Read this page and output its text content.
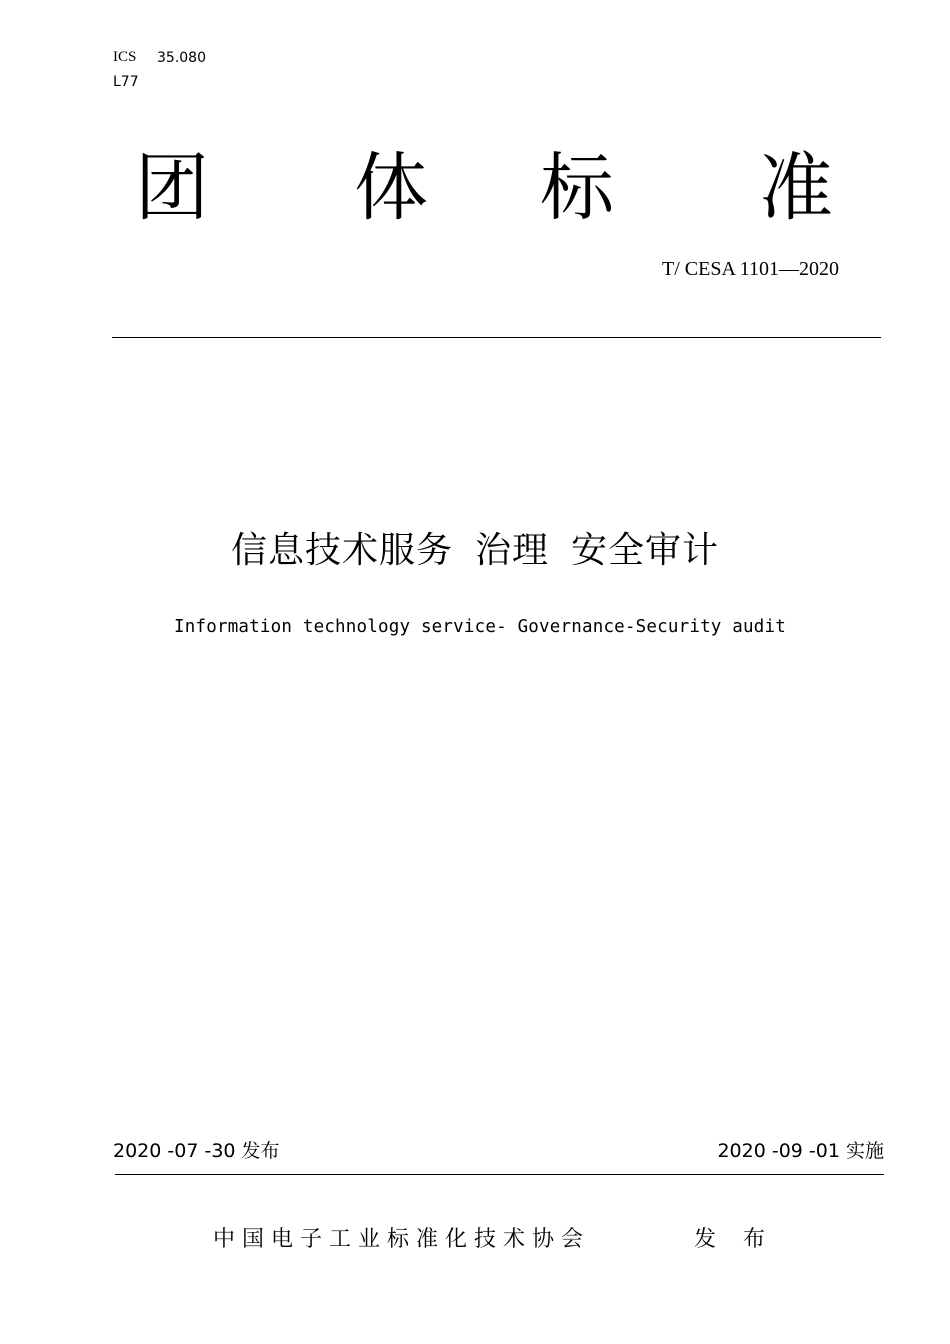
ICS 35.080
L77
团 体 标 准
T/ CESA 1101—2020
信息技术服务 治理 安全审计
Information technology service- Governance-Security audit
2020 -07 -30 发布	2020 -09 -01 实施
中国电子工业标准化技术协会	发 布
